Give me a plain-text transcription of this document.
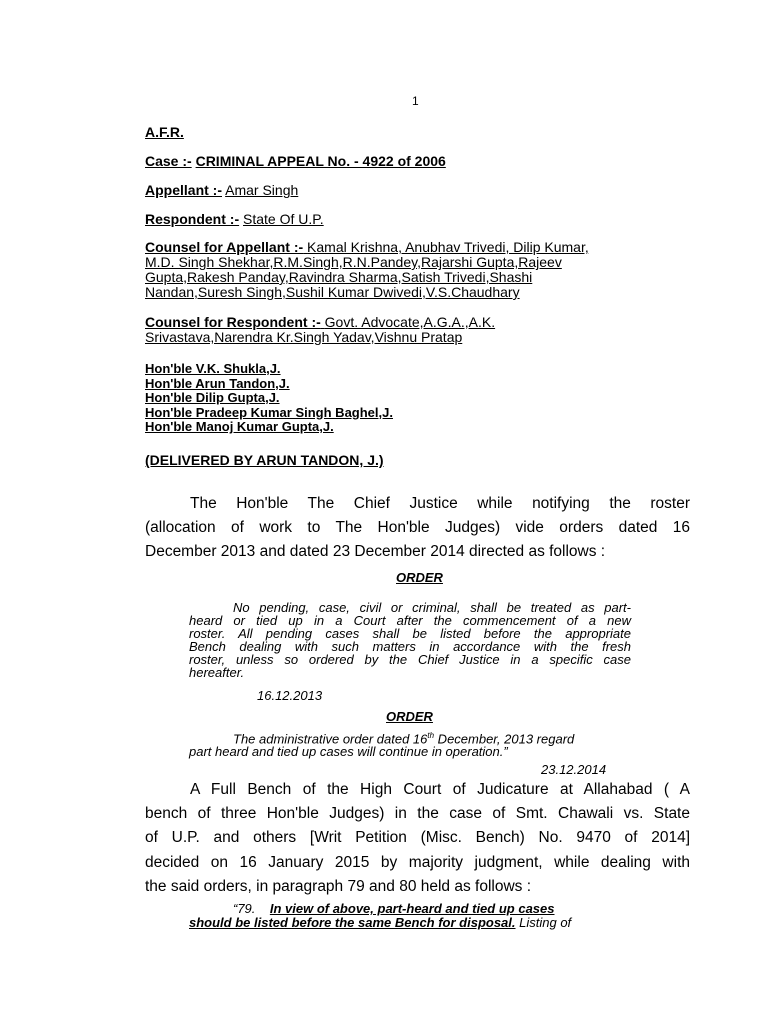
1
A.F.R.
Case :- CRIMINAL APPEAL No. - 4922 of 2006
Appellant :- Amar Singh
Respondent :- State Of U.P.
Counsel for Appellant :- Kamal Krishna, Anubhav Trivedi, Dilip Kumar,
M.D. Singh Shekhar,R.M.Singh,R.N.Pandey,Rajarshi Gupta,Rajeev
Gupta,Rakesh Panday,Ravindra Sharma,Satish Trivedi,Shashi
Nandan,Suresh Singh,Sushil Kumar Dwivedi,V.S.Chaudhary
Counsel for Respondent :- Govt. Advocate,A.G.A.,A.K.
Srivastava,Narendra Kr.Singh Yadav,Vishnu Pratap
Hon'ble V.K. Shukla,J.
Hon'ble Arun Tandon,J.
Hon'ble Dilip Gupta,J.
Hon'ble Pradeep Kumar Singh Baghel,J.
Hon'ble Manoj Kumar Gupta,J.
(DELIVERED BY ARUN TANDON, J.)
The Hon'ble The Chief Justice while notifying the roster
(allocation of work to The Hon'ble Judges) vide orders dated 16
December 2013 and dated 23 December 2014 directed as follows :
ORDER
No pending, case, civil or criminal, shall be treated as part-
heard or tied up in a Court after the commencement of a new
roster. All pending cases shall be listed before the appropriate
Bench dealing with such matters in accordance with the fresh
roster, unless so ordered by the Chief Justice in a specific case
hereafter.
16.12.2013
ORDER
The administrative order dated 16th December, 2013 regard
part heard and tied up cases will continue in operation.”
23.12.2014
A Full Bench of the High Court of Judicature at Allahabad ( A
bench of three Hon'ble Judges) in the case of Smt. Chawali vs. State
of U.P. and others [Writ Petition (Misc. Bench) No. 9470 of 2014]
decided on 16 January 2015 by majority judgment, while dealing with
the said orders, in paragraph 79 and 80 held as follows :
“79. In view of above, part-heard and tied up cases
should be listed before the same Bench for disposal. Listing of
